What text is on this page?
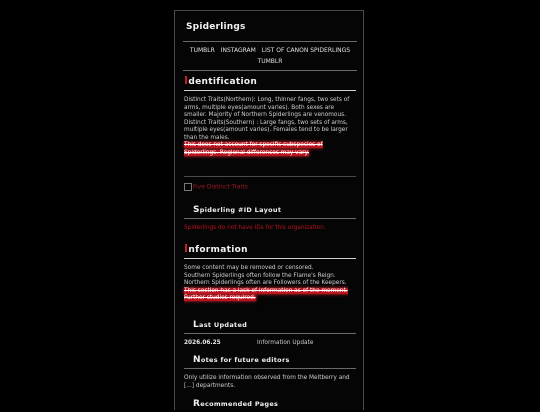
Spiderlings
TUMBLR INSTAGRAM LIST OF CANON SPIDERLINGS
TUMBLR
Identification
Distinct Traits(Northern): Long, thinner fangs, two sets of arms, multiple eyes(amount varies). Both sexes are smaller. Majority of Northern Spiderlings are venomous.
Distinct Traits(Southern) : Large fangs, two sets of arms, multiple eyes(amount varies). Females tend to be larger than the males.
This does not account for specific subspecies of Spiderlings. Regional differences may vary.
Five Distinct Traits
Spiderling #ID Layout
Spiderlings do not have IDs for this organization.
Information
Some content may be removed or censored.
Southern Spiderlings often follow the Flame's Reign. Northern Spiderlings often are Followers of the Keepers.
This section has a lack of information as of the moment. Further studies required.
Last Updated
2026.06.25	Information Update
Notes for future editors
Only utilize information observed from the Meltberry and [...] departments.
Recommended Pages
